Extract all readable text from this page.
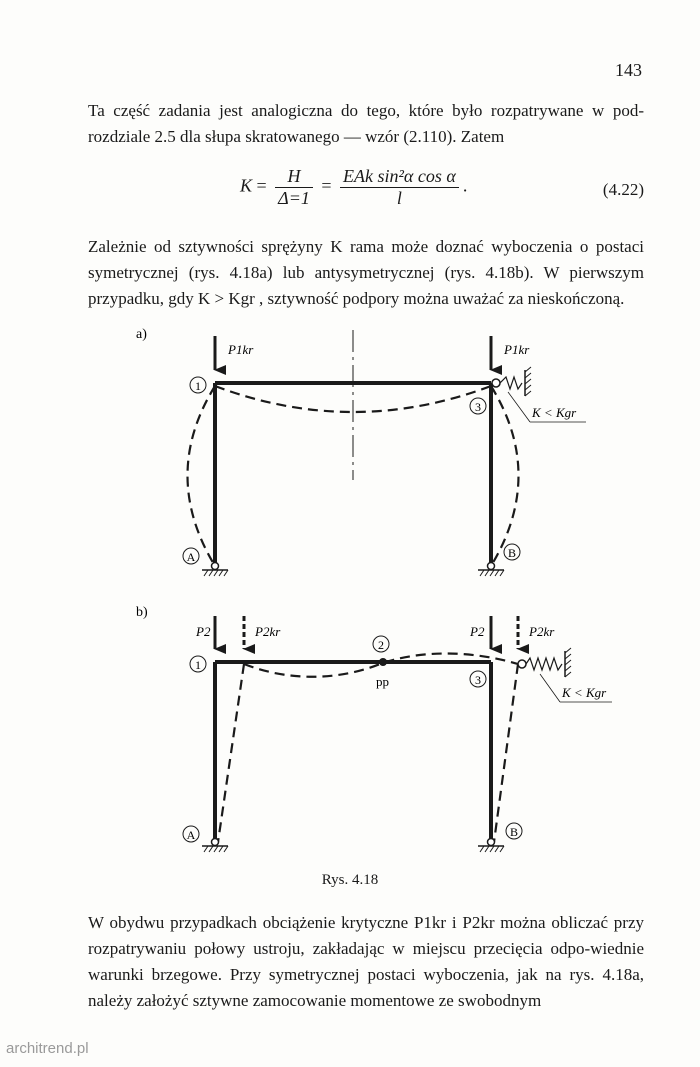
143

Ta część zadania jest analogiczna do tego, które było rozpatrywane w pod-rozdziale 2.5 dla słupa skratowanego — wzór (2.110). Zatem

$K = \frac{H}{\Delta=1} = \frac{\text{EAk sin²α cos α}}{l}$ .	(4.22)

Zależnie od sztywności sprężyny K rama może doznać wyboczenia o postaci symetrycznej (rys. 4.18a) lub antysymetrycznej (rys. 4.18b). W pierwszym przypadku, gdy K > Kgr , sztywność podpory można uważać za nieskończoną.

a)
P1kr	P1kr
1
3	K < Kgr
A	B
b)
2
pp
P2	P2kr	P2	P2kr
1
3
K < Kgr
A	B
Rys. 4.18

W obydwu przypadkach obciążenie krytyczne P1kr i P2kr można obliczać przy rozpatrywaniu połowy ustroju, zakładając w miejscu przecięcia odpo-wiednie warunki brzegowe. Przy symetrycznej postaci wyboczenia, jak na rys. 4.18a, należy założyć sztywne zamocowanie momentowe ze swobodnym

architrend.pl
